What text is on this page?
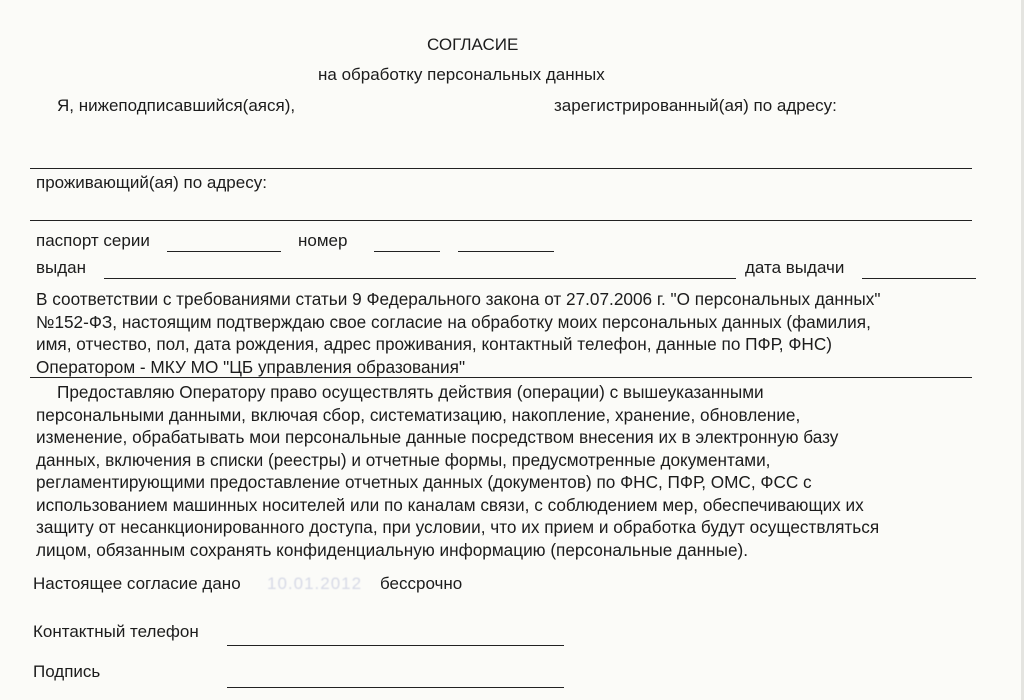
СОГЛАСИЕ
на обработку персональных данных
Я, нижеподписавшийся(аяся),	зарегистрированный(ая) по адресу:
проживающий(ая) по адресу:
паспорт серии	номер
выдан	дата выдачи
В соответствии с требованиями статьи 9 Федерального закона от 27.07.2006 г. "О персональных данных"
№152-ФЗ, настоящим подтверждаю свое согласие на обработку моих персональных данных (фамилия,
имя, отчество, пол, дата рождения, адрес проживания, контактный телефон, данные по ПФР, ФНС)
Оператором - МКУ МО "ЦБ управления образования"
Предоставляю Оператору право осуществлять действия (операции) с вышеуказанными
персональными данными, включая сбор, систематизацию, накопление, хранение, обновление,
изменение, обрабатывать мои персональные данные посредством внесения их в электронную базу
данных, включения в списки (реестры) и отчетные формы, предусмотренные документами,
регламентирующими предоставление отчетных данных (документов) по ФНС, ПФР, ОМС, ФСС с
использованием машинных носителей или по каналам связи, с соблюдением мер, обеспечивающих их
защиту от несанкционированного доступа, при условии, что их прием и обработка будут осуществляться
лицом, обязанным сохранять конфиденциальную информацию (персональные данные).
Настоящее согласие дано 10.01.2012 бессрочно
Контактный телефон
Подпись
